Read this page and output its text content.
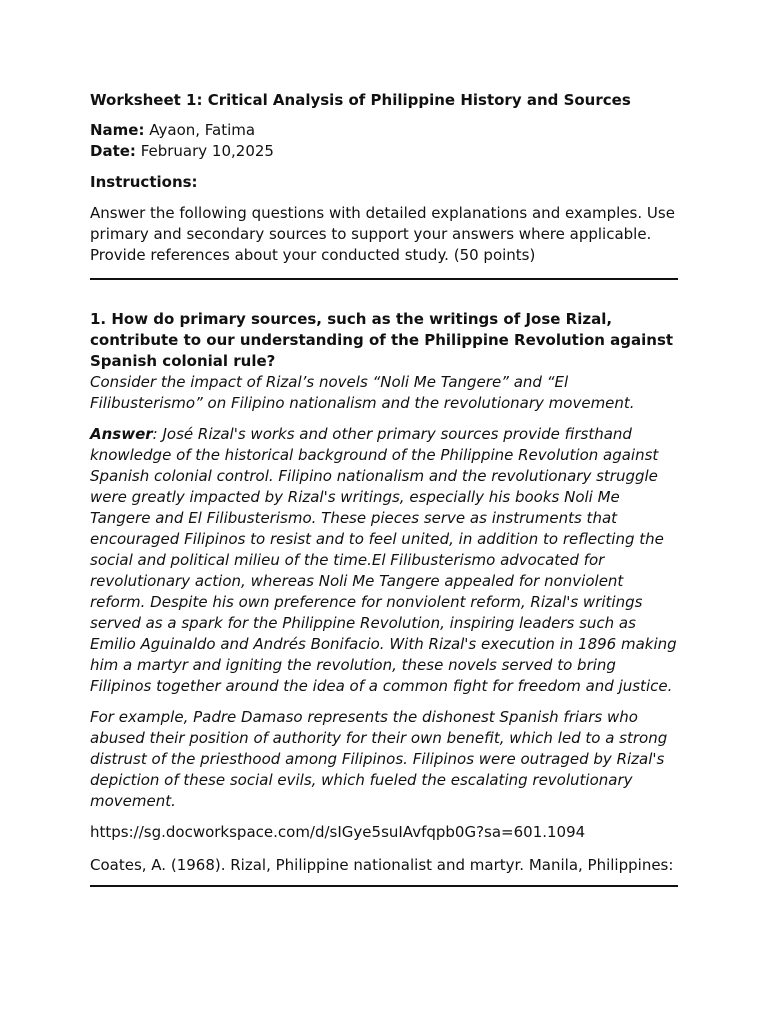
Worksheet 1: Critical Analysis of Philippine History and Sources

Name: Ayaon, Fatima

Date: February 10,2025

Instructions:

Answer the following questions with detailed explanations and examples. Use primary and secondary sources to support your answers where applicable. Provide references about your conducted study. (50 points)

1. How do primary sources, such as the writings of Jose Rizal, contribute to our understanding of the Philippine Revolution against Spanish colonial rule?

Consider the impact of Rizal’s novels “Noli Me Tangere” and “El Filibusterismo” on Filipino nationalism and the revolutionary movement.

Answer: José Rizal's works and other primary sources provide firsthand knowledge of the historical background of the Philippine Revolution against Spanish colonial control. Filipino nationalism and the revolutionary struggle were greatly impacted by Rizal's writings, especially his books Noli Me Tangere and El Filibusterismo. These pieces serve as instruments that encouraged Filipinos to resist and to feel united, in addition to reflecting the social and political milieu of the time.El Filibusterismo advocated for revolutionary action, whereas Noli Me Tangere appealed for nonviolent reform. Despite his own preference for nonviolent reform, Rizal's writings served as a spark for the Philippine Revolution, inspiring leaders such as Emilio Aguinaldo and Andrés Bonifacio. With Rizal's execution in 1896 making him a martyr and igniting the revolution, these novels served to bring Filipinos together around the idea of a common fight for freedom and justice.

For example, Padre Damaso represents the dishonest Spanish friars who abused their position of authority for their own benefit, which led to a strong distrust of the priesthood among Filipinos. Filipinos were outraged by Rizal's depiction of these social evils, which fueled the escalating revolutionary movement.

https://sg.docworkspace.com/d/sIGye5suIAvfqpb0G?sa=601.1094

Coates, A. (1968). Rizal, Philippine nationalist and martyr. Manila, Philippines:
